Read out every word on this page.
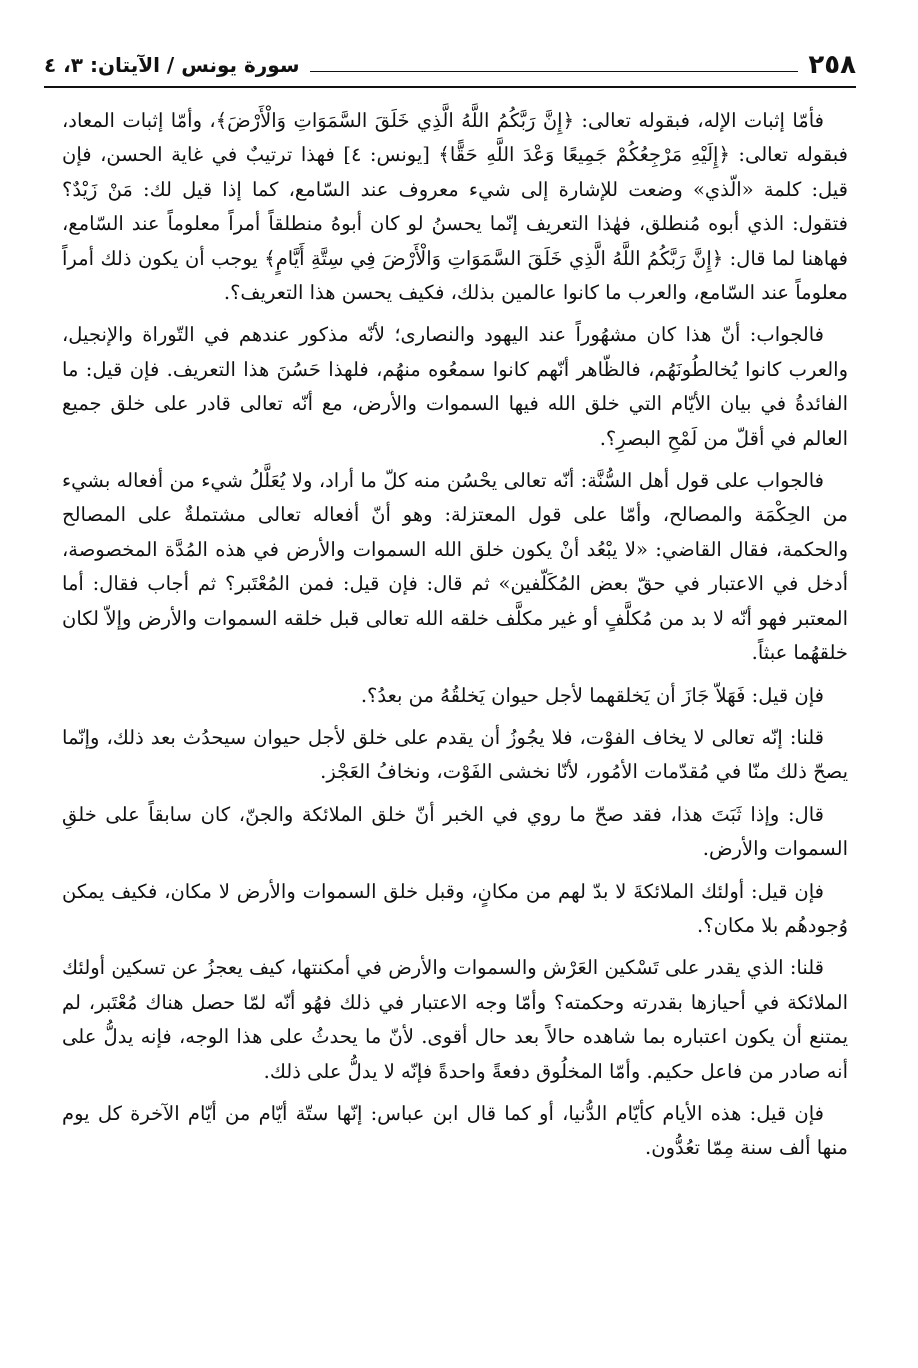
٢٥٨
سورة يونس / الآيتان: ٣، ٤

فأمّا إثبات الإله، فبقوله تعالى: ﴿إِنَّ رَبَّكُمُ اللَّهُ الَّذِي خَلَقَ السَّمَوَاتِ وَالْأَرْضَ﴾، وأمّا إثبات المعاد، فبقوله تعالى: ﴿إِلَيْهِ مَرْجِعُكُمْ جَمِيعًا وَعْدَ اللَّهِ حَقًّا﴾ [يونس: ٤] فهذا ترتيبٌ في غاية الحسن، فإن قيل: كلمة «الّذي» وضعت للإشارة إلى شيء معروف عند السّامع، كما إذا قيل لك: مَنْ زَيْدٌ؟ فتقول: الذي أبوه مُنطلق، فهٰذا التعريف إنّما يحسنُ لو كان أبوهُ منطلقاً أمراً معلوماً عند السّامع، فهاهنا لما قال: ﴿إِنَّ رَبَّكُمُ اللَّهُ الَّذِي خَلَقَ السَّمَوَاتِ وَالْأَرْضَ فِي سِتَّةِ أَيَّامٍ﴾ يوجب أن يكون ذلك أمراً معلوماً عند السّامع، والعرب ما كانوا عالمين بذلك، فكيف يحسن هذا التعريف؟.

فالجواب: أنّ هذا كان مشهُوراً عند اليهود والنصارى؛ لأنّه مذكور عندهم في التّوراة والإنجيل، والعرب كانوا يُخالطُونَهُم، فالظّاهر أنّهم كانوا سمعُوه منهُم، فلهذا حَسُنَ هذا التعريف. فإن قيل: ما الفائدةُ في بيان الأيّام التي خلق الله فيها السموات والأرض، مع أنّه تعالى قادر على خلق جميع العالم في أقلّ من لَمْحِ البصرِ؟.

فالجواب على قول أهل السُّنَّة: أنّه تعالى يحْسُن منه كلّ ما أراد، ولا يُعَلَّلُ شيء من أفعاله بشيء من الحِكْمَة والمصالح، وأمّا على قول المعتزلة: وهو أنّ أفعاله تعالى مشتملةٌ على المصالح والحكمة، فقال القاضي: «لا يبْعُد أنْ يكون خلق الله السموات والأرض في هذه المُدَّة المخصوصة، أدخل في الاعتبار في حقّ بعض المُكَلّفين» ثم قال: فإن قيل: فمن المُعْتَبر؟ ثم أجاب فقال: أما المعتبر فهو أنّه لا بد من مُكلَّفٍ أو غير مكلَّف خلقه الله تعالى قبل خلقه السموات والأرض وإلاّ لكان خلقهُما عبثاً.

فإن قيل: فَهَلاّ جَازَ أن يَخلقهما لأجل حيوان يَخلقُهُ من بعدُ؟.

قلنا: إنّه تعالى لا يخاف الفوْت، فلا يجُوزُ أن يقدم على خلق لأجل حيوان سيحدُث بعد ذلك، وإنّما يصحّ ذلك منّا في مُقدّمات الأمُور، لأنّا نخشى الفَوْت، ونخافُ العَجْز.

قال: وإذا ثَبَتَ هذا، فقد صحّ ما روي في الخبر أنّ خلق الملائكة والجنّ، كان سابقاً على خلقِ السموات والأرض.

فإن قيل: أولئك الملائكةَ لا بدّ لهم من مكانٍ، وقبل خلق السموات والأرض لا مكان، فكيف يمكن وُجودهُم بلا مكان؟.

قلنا: الذي يقدر على تَسْكين العَرْش والسموات والأرض في أمكنتها، كيف يعجزُ عن تسكين أولئك الملائكة في أحيازها بقدرته وحكمته؟ وأمّا وجه الاعتبار في ذلك فهُو أنّه لمّا حصل هناك مُعْتَبر، لم يمتنع أن يكون اعتباره بما شاهده حالاً بعد حال أقوى. لأنّ ما يحدثُ على هذا الوجه، فإنه يدلُّ على أنه صادر من فاعل حكيم. وأمّا المخلُوق دفعةً واحدةً فإنّه لا يدلُّ على ذلك.

فإن قيل: هذه الأيام كأيّام الدُّنيا، أو كما قال ابن عباس: إنّها ستّة أيّام من أيّام الآخرة كل يوم منها ألف سنة مِمّا تعُدُّون.
